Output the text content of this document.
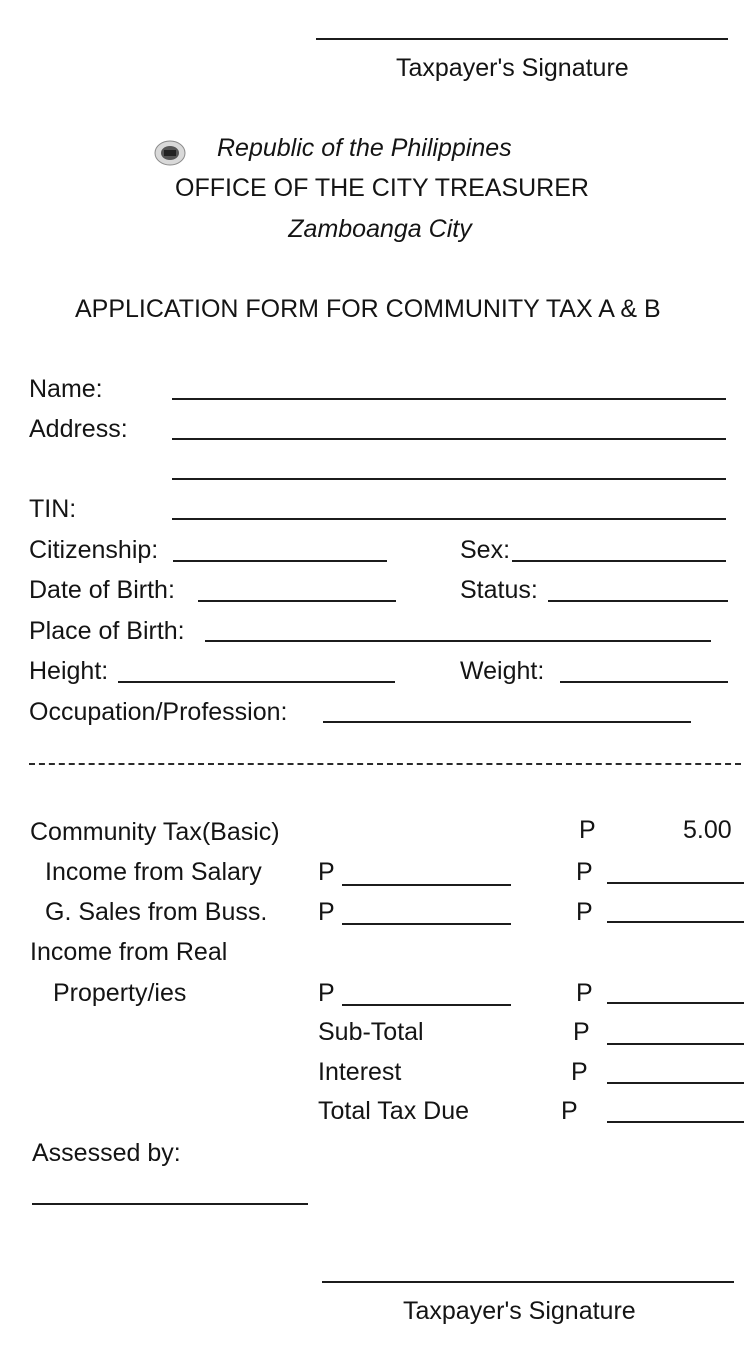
Taxpayer's Signature
Republic of the Philippines
OFFICE OF THE CITY TREASURER
Zamboanga City
APPLICATION FORM FOR COMMUNITY TAX A & B
Name:
Address:
TIN:
Citizenship:	Sex:
Date of Birth:	Status:
Place of Birth:
Height:	Weight:
Occupation/Profession:
Community Tax(Basic)	P	5.00
Income from Salary P	P
G. Sales from Buss. P	P
Income from Real
Property/ies	P	P
Sub-Total	P
Interest	P
Total Tax Due	P
Assessed by:
Taxpayer's Signature
